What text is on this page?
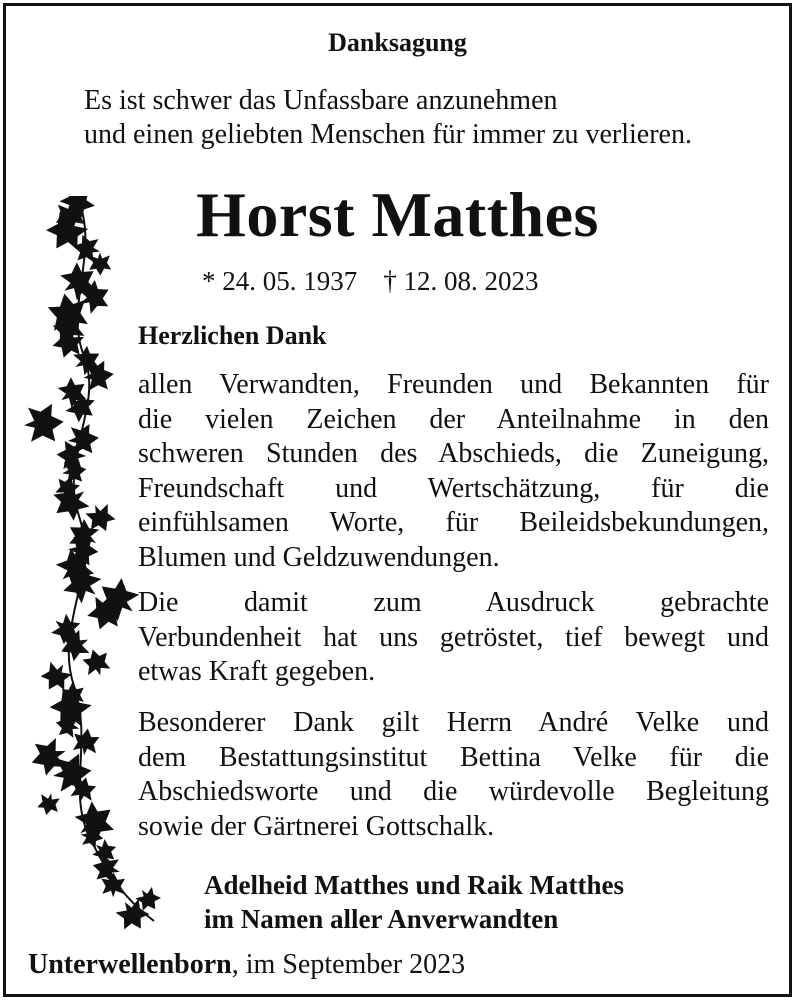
Danksagung
Es ist schwer das Unfassbare anzunehmen
und einen geliebten Menschen für immer zu verlieren.
Horst Matthes
* 24. 05. 1937 † 12. 08. 2023
Herzlichen Dank
allen Verwandten, Freunden und Bekannten für
die vielen Zeichen der Anteilnahme in den
schweren Stunden des Abschieds, die Zuneigung,
Freundschaft und Wertschätzung, für die
einfühlsamen Worte, für Beileidsbekundungen,
Blumen und Geldzuwendungen.
Die damit zum Ausdruck gebrachte
Verbundenheit hat uns getröstet, tief bewegt und
etwas Kraft gegeben.
Besonderer Dank gilt Herrn André Velke und
dem Bestattungsinstitut Bettina Velke für die
Abschiedsworte und die würdevolle Begleitung
sowie der Gärtnerei Gottschalk.
Adelheid Matthes und Raik Matthes
im Namen aller Anverwandten
Unterwellenborn, im September 2023
